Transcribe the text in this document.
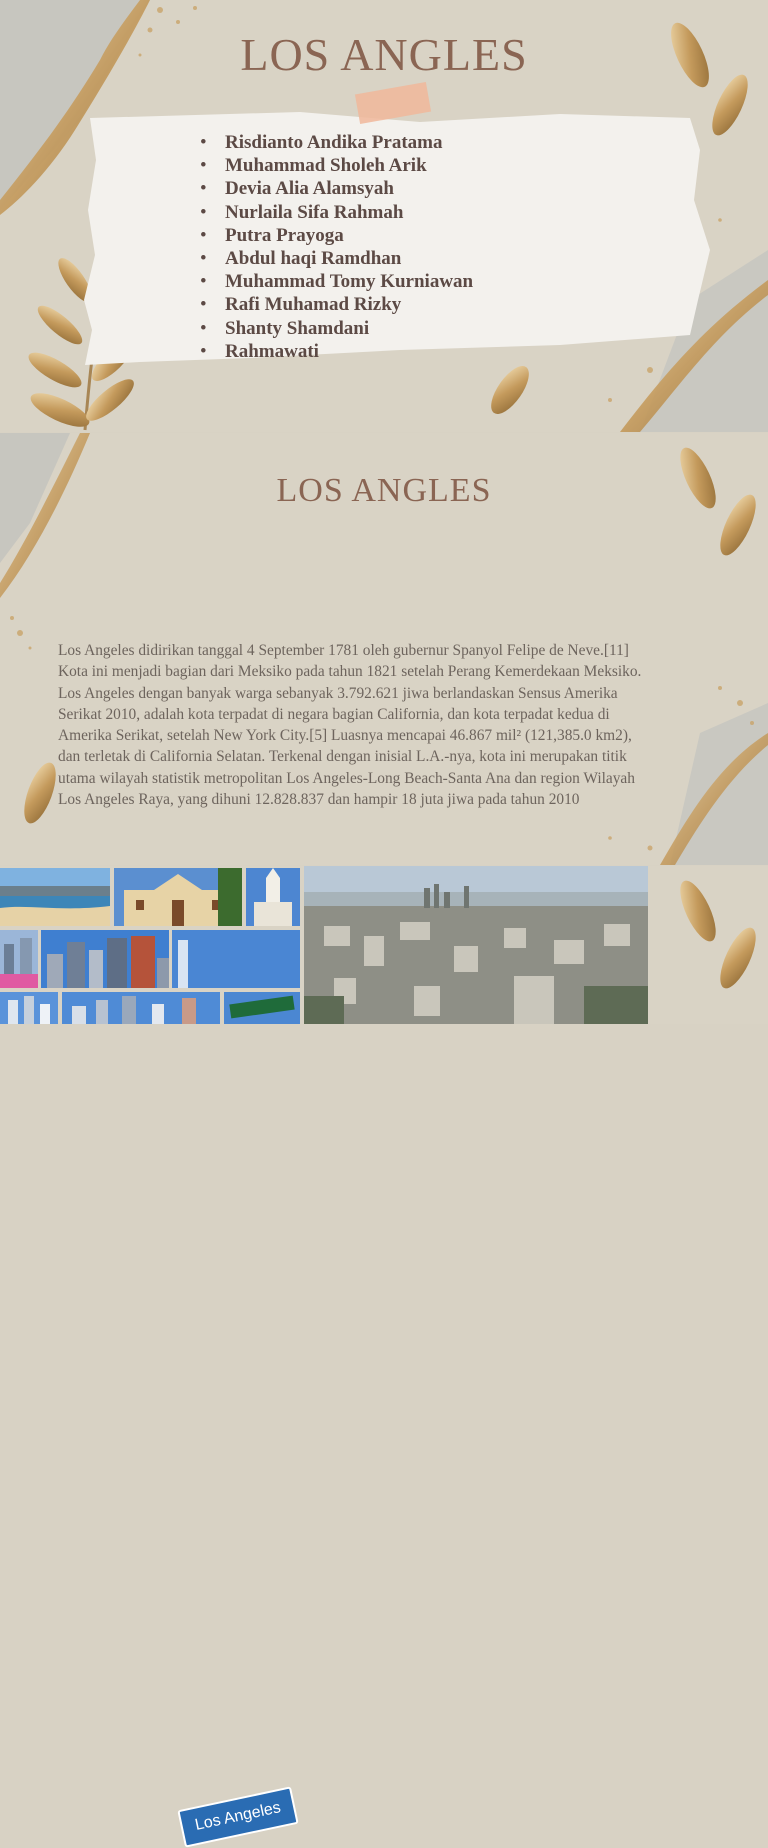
LOS ANGLES
• Risdianto Andika Pratama
• Muhammad Sholeh Arik
• Devia Alia Alamsyah
• Nurlaila Sifa Rahmah
• Putra Prayoga
• Abdul haqi Ramdhan
• Muhammad Tomy Kurniawan
• Rafi Muhamad Rizky
• Shanty Shamdani
• Rahmawati
LOS ANGLES
Los Angeles didirikan tanggal 4 September 1781 oleh gubernur Spanyol Felipe de Neve.[11]
Kota ini menjadi bagian dari Meksiko pada tahun 1821 setelah Perang Kemerdekaan Meksiko.
Los Angeles dengan banyak warga sebanyak 3.792.621 jiwa berlandaskan Sensus Amerika
Serikat 2010, adalah kota terpadat di negara bagian California, dan kota terpadat kedua di
Amerika Serikat, setelah New York City.[5] Luasnya mencapai 46.867 mil² (121,385.0 km2),
dan terletak di California Selatan. Terkenal dengan inisial L.A.-nya, kota ini merupakan titik
utama wilayah statistik metropolitan Los Angeles-Long Beach-Santa Ana dan region Wilayah
Los Angeles Raya, yang dihuni 12.828.837 dan hampir 18 juta jiwa pada tahun 2010
Los Angeles
